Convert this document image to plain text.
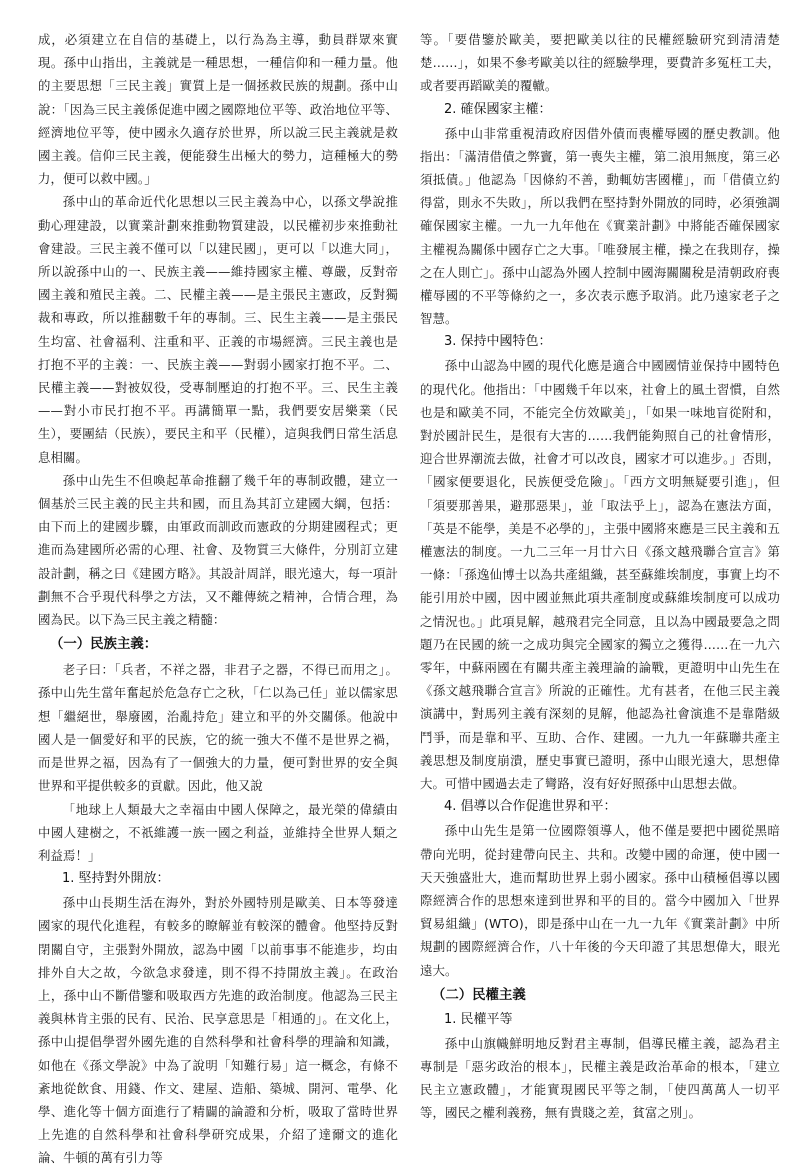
成，必須建立在自信的基礎上，以行為為主導，動員群眾來實現。孫中山指出，主義就是一種思想，一種信仰和一種力量。他的主要思想「三民主義」實質上是一個拯救民族的規劃。孫中山說：「因為三民主義係促進中國之國際地位平等、政治地位平等、經濟地位平等，使中國永久適存於世界，所以說三民主義就是救國主義。信仰三民主義，便能發生出極大的勢力，這種極大的勢力，便可以救中國。」

孫中山的革命近代化思想以三民主義為中心，以孫文學說推動心理建設，以實業計劃來推動物質建設，以民權初步來推動社會建設。三民主義不僅可以「以建民國」，更可以「以進大同」，所以說孫中山的一、民族主義——維持國家主權、尊嚴，反對帝國主義和殖民主義。二、民權主義——是主張民主憲政，反對獨裁和專政，所以推翻數千年的專制。三、民生主義——是主張民生均富、社會福利、注重和平、正義的市場經濟。三民主義也是打抱不平的主義：一、民族主義——對弱小國家打抱不平。二、民權主義——對被奴役，受專制壓迫的打抱不平。三、民生主義——對小市民打抱不平。再講簡單一點，我們要安居樂業（民生），要團結（民族），要民主和平（民權），這與我們日常生活息息相關。

孫中山先生不但喚起革命推翻了幾千年的專制政體，建立一個基於三民主義的民主共和國，而且為其訂立建國大綱，包括：由下而上的建國步驟，由軍政而訓政而憲政的分期建國程式；更進而為建國所必需的心理、社會、及物質三大條件，分別訂立建設計劃，稱之曰《建國方略》。其設計周詳，眼光遠大，每一項計劃無不合乎現代科學之方法，又不離傳統之精神，合情合理，為國為民。以下為三民主義之精髓：

（一）民族主義：

老子曰：「兵者，不祥之器，非君子之器，不得已而用之」。孫中山先生當年奮起於危急存亡之秋，「仁以為己任」並以儒家思想「繼絕世，舉廢國，治亂持危」建立和平的外交關係。他說中國人是一個愛好和平的民族，它的統一強大不僅不是世界之禍，而是世界之福，因為有了一個強大的力量，便可對世界的安全與世界和平提供較多的貢獻。因此，他又說

「地球上人類最大之幸福由中國人保障之，最光榮的偉績由中國人建樹之，不祇維護一族一國之利益，並維持全世界人類之利益焉！」

1. 堅持對外開放：

孫中山長期生活在海外，對於外國特別是歐美、日本等發達國家的現代化進程，有較多的瞭解並有較深的體會。他堅持反對閉關自守，主張對外開放，認為中國「以前事事不能進步，均由排外自大之故，今欲急求發達，則不得不持開放主義」。在政治上，孫中山不斷借鑒和吸取西方先進的政治制度。他認為三民主義與林肯主張的民有、民治、民享意思是「相通的」。在文化上，孫中山提倡學習外國先進的自然科學和社會科學的理論和知識，如他在《孫文學說》中為了說明「知難行易」這一概念，有條不紊地從飲食、用錢、作文、建屋、造船、築城、開河、電學、化學、進化等十個方面進行了精闢的論證和分析，吸取了當時世界上先進的自然科學和社會科學研究成果，介紹了達爾文的進化論、牛頓的萬有引力等

等。「要借鑒於歐美，要把歐美以往的民權經驗研究到清清楚楚……」，如果不參考歐美以往的經驗學理，要費許多冤枉工夫，或者要再蹈歐美的覆轍。

2. 確保國家主權：

孫中山非常重視清政府因借外債而喪權辱國的歷史教訓。他指出：「滿清借債之弊竇，第一喪失主權，第二浪用無度，第三必須抵債。」他認為「因條約不善，動輒妨害國權」，而「借債立約得當，則永不失敗」，所以我們在堅持對外開放的同時，必須強調確保國家主權。一九一九年他在《實業計劃》中將能否確保國家主權視為關係中國存亡之大事。「唯發展主權，操之在我則存，操之在人則亡」。孫中山認為外國人控制中國海關關稅是清朝政府喪權辱國的不平等條約之一，多次表示應予取消。此乃遠家老子之智慧。

3. 保持中國特色：

孫中山認為中國的現代化應是適合中國國情並保持中國特色的現代化。他指出：「中國幾千年以來，社會上的風土習慣，自然也是和歐美不同，不能完全仿效歐美」，「如果一味地盲從附和，對於國計民生，是很有大害的……我們能夠照自己的社會情形，迎合世界潮流去做，社會才可以改良，國家才可以進步。」否則，「國家便要退化，民族便受危險」。「西方文明無疑要引進」，但「須要那善果，避那惡果」，並「取法乎上」，認為在憲法方面，「英是不能學，美是不必學的」，主張中國將來應是三民主義和五權憲法的制度。一九二三年一月廿六日《孫文越飛聯合宣言》第一條：「孫逸仙博士以為共產組織，甚至蘇維埃制度，事實上均不能引用於中國，因中國並無此項共產制度或蘇維埃制度可以成功之情況也。」此項見解，越飛君完全同意，且以為中國最要急之問題乃在民國的統一之成功與完全國家的獨立之獲得……在一九六零年，中蘇兩國在有關共產主義理論的論戰，更證明中山先生在《孫文越飛聯合宣言》所說的正確性。尤有甚者，在他三民主義演講中，對馬列主義有深刻的見解，他認為社會演進不是靠階級鬥爭，而是靠和平、互助、合作、建國。一九九一年蘇聯共產主義思想及制度崩潰，歷史事實已證明，孫中山眼光遠大，思想偉大。可惜中國過去走了彎路，沒有好好照孫中山思想去做。

4. 倡導以合作促進世界和平：

孫中山先生是第一位國際領導人，他不僅是要把中國從黑暗帶向光明，從封建帶向民主、共和。改變中國的命運，使中國一天天強盛壯大，進而幫助世界上弱小國家。孫中山積極倡導以國際經濟合作的思想來達到世界和平的目的。當今中國加入「世界貿易組織」(WTO)，即是孫中山在一九一九年《實業計劃》中所規劃的國際經濟合作，八十年後的今天印證了其思想偉大，眼光遠大。

（二）民權主義
1. 民權平等

孫中山旗幟鮮明地反對君主專制，倡導民權主義，認為君主專制是「惡劣政治的根本」，民權主義是政治革命的根本，「建立民主立憲政體」，才能實現國民平等之制，「使四萬萬人一切平等，國民之權利義務，無有貴賤之差，貧富之別」。
